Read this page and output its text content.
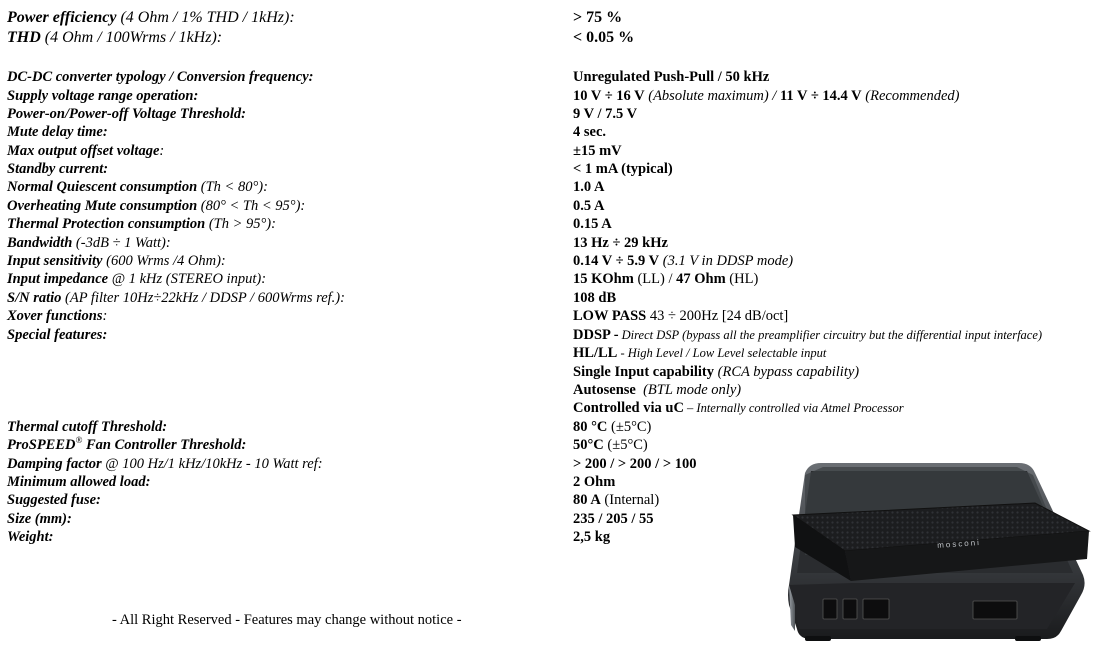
Power efficiency (4 Ohm / 1% THD / 1kHz):	> 75 %
THD (4 Ohm / 100Wrms / 1kHz):	< 0.05 %
DC-DC converter typology / Conversion frequency:	Unregulated Push-Pull / 50 kHz
Supply voltage range operation:	10 V ÷ 16 V (Absolute maximum) / 11 V ÷ 14.4 V (Recommended)
Power-on/Power-off Voltage Threshold:	9 V / 7.5 V
Mute delay time:	4 sec.
Max output offset voltage:	±15 mV
Standby current:	< 1 mA (typical)
Normal Quiescent consumption (Th < 80°):	1.0 A
Overheating Mute consumption (80° < Th < 95°):	0.5 A
Thermal Protection consumption (Th > 95°):	0.15 A
Bandwidth (-3dB ÷ 1 Watt):	13 Hz ÷ 29 kHz
Input sensitivity (600 Wrms /4 Ohm):	0.14 V ÷ 5.9 V (3.1 V in DDSP mode)
Input impedance @ 1 kHz (STEREO input):	15 KOhm (LL) / 47 Ohm (HL)
S/N ratio (AP filter 10Hz÷22kHz / DDSP / 600Wrms ref.):	108 dB
Xover functions:	LOW PASS 43 ÷ 200Hz [24 dB/oct]
Special features:	DDSP - Direct DSP (bypass all the preamplifier circuitry but the differential input interface)
HL/LL - High Level / Low Level selectable input
Single Input capability (RCA bypass capability)
Autosense  (BTL mode only)
Controlled via uC – Internally controlled via Atmel Processor
Thermal cutoff Threshold:	80 °C (±5°C)
ProSPEED® Fan Controller Threshold:	50°C (±5°C)
Damping factor @ 100 Hz/1 kHz/10kHz - 10 Watt ref:	> 200 / > 200 / > 100
Minimum allowed load:	2 Ohm
Suggested fuse:	80 A (Internal)
Size (mm):	235 / 205 / 55
Weight:	2,5 kg
- All Right Reserved - Features may change without notice -
mosconi
